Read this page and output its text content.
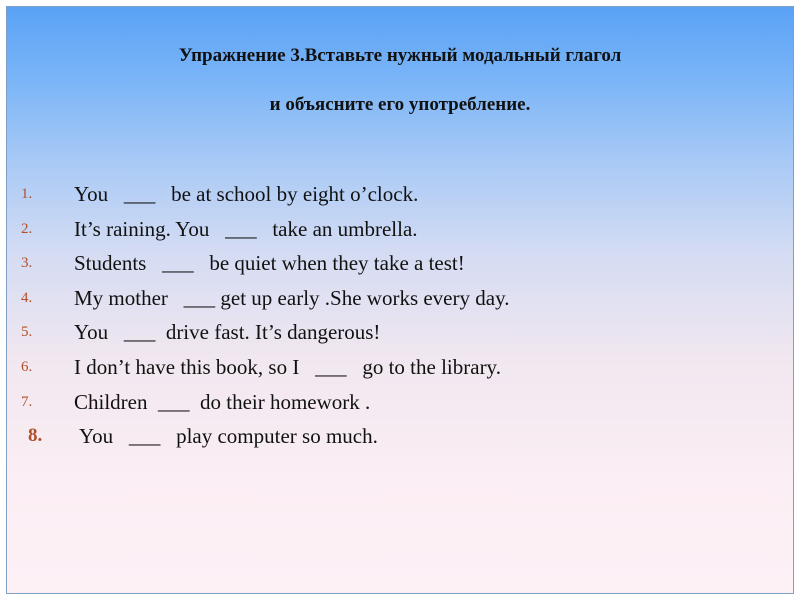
Упражнение 3.Вставьте нужный модальный глагол
и объясните его употребление.
1. You   ___   be at school by eight o’clock.
2. It’s raining. You   ___   take an umbrella.
3. Students   ___   be quiet when they take a test!
4. My mother   ___ get up early .She works every day.
5. You   ___  drive fast. It’s dangerous!
6. I don’t have this book, so I   ___   go to the library.
7. Children  ___  do their homework .
8. You   ___   play computer so much.
